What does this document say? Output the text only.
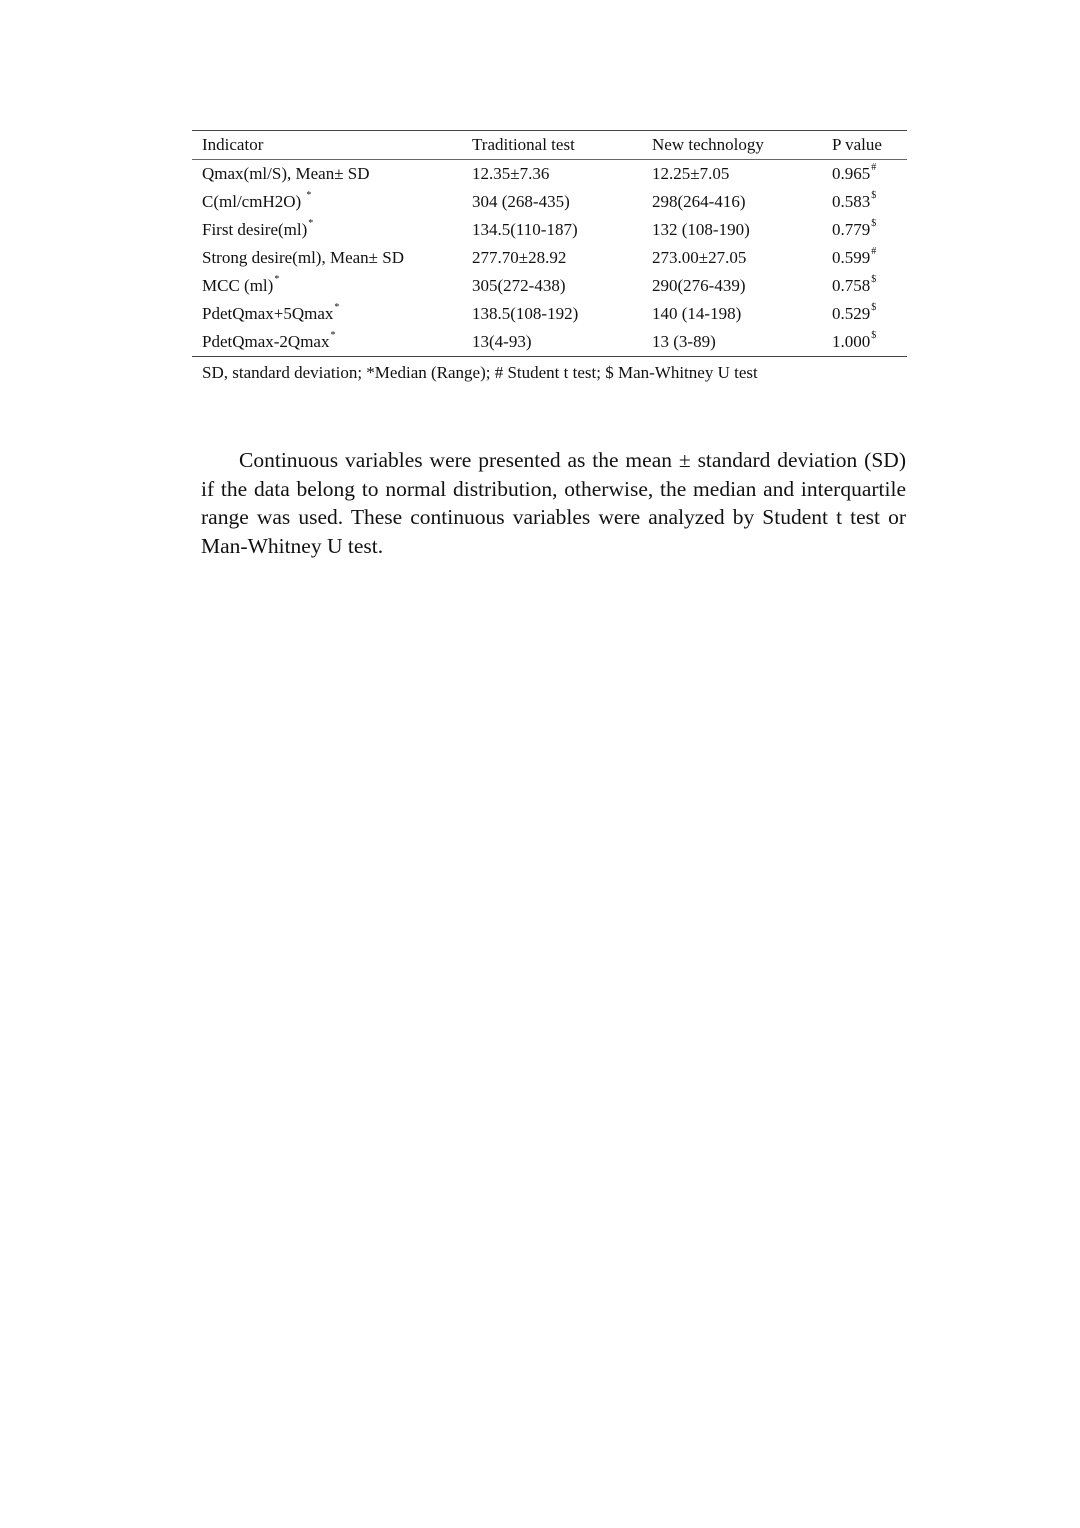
Indicator	Traditional test	New technology	P value
Qmax(ml/S), Mean± SD	12.35±7.36	12.25±7.05	0.965#
C(ml/cmH2O) *	304 (268-435)	298(264-416)	0.583$
First desire(ml)*	134.5(110-187)	132 (108-190)	0.779$
Strong desire(ml), Mean± SD	277.70±28.92	273.00±27.05	0.599#
MCC (ml)*	305(272-438)	290(276-439)	0.758$
PdetQmax+5Qmax*	138.5(108-192)	140 (14-198)	0.529$
PdetQmax-2Qmax*	13(4-93)	13 (3-89)	1.000$

SD, standard deviation; *Median (Range); # Student t test; $ Man-Whitney U test

Continuous variables were presented as the mean ± standard deviation (SD) if the data belong to normal distribution, otherwise, the median and interquartile range was used. These continuous variables were analyzed by Student t test or Man-Whitney U test.
